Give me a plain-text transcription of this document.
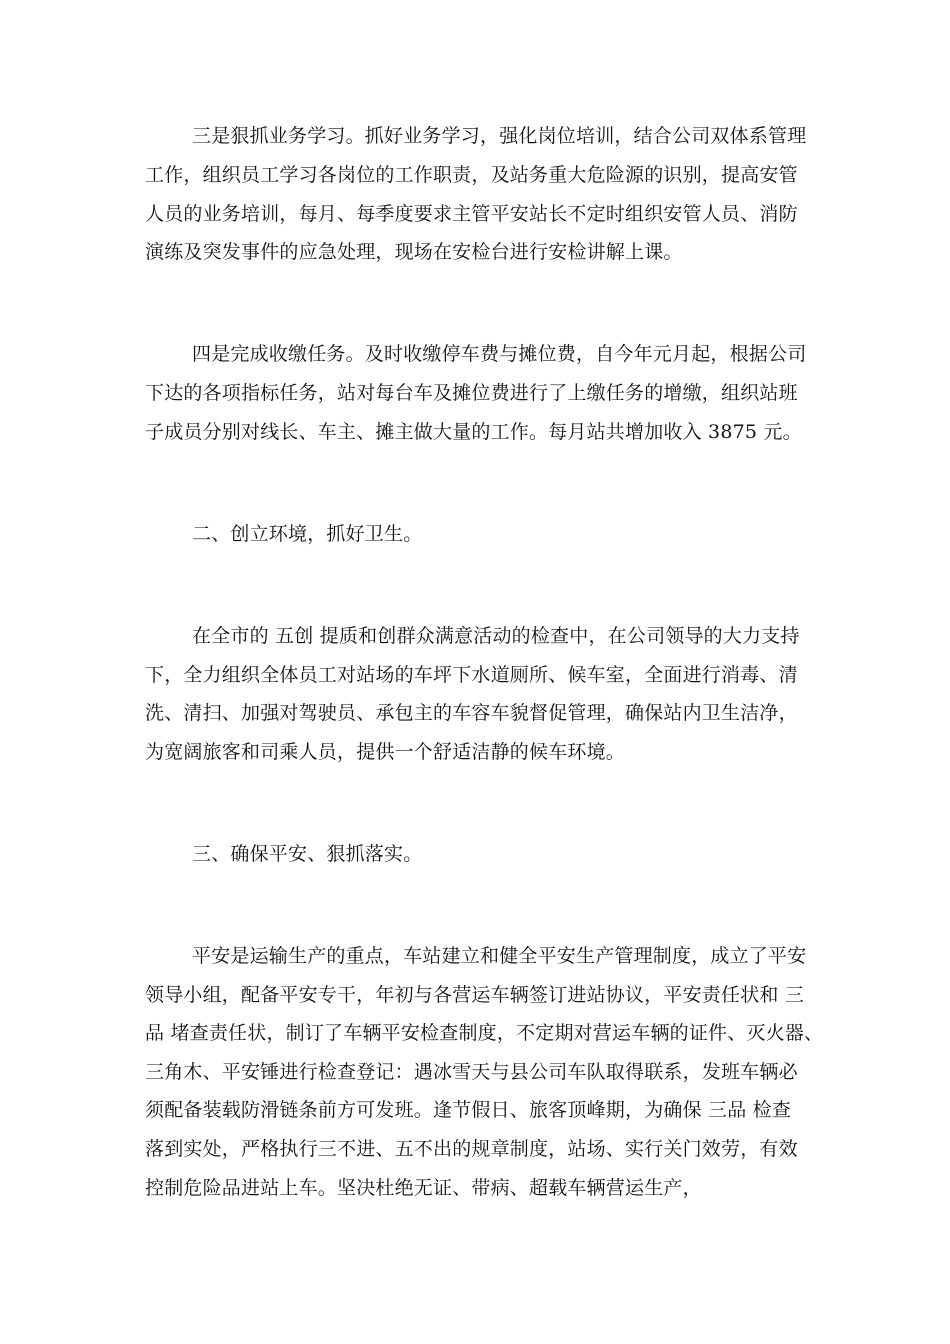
三是狠抓业务学习。抓好业务学习，强化岗位培训，结合公司双体系管理
工作，组织员工学习各岗位的工作职责，及站务重大危险源的识别，提高安管
人员的业务培训，每月、每季度要求主管平安站长不定时组织安管人员、消防
演练及突发事件的应急处理，现场在安检台进行安检讲解上课。
四是完成收缴任务。及时收缴停车费与摊位费，自今年元月起，根据公司
下达的各项指标任务，站对每台车及摊位费进行了上缴任务的增缴，组织站班
子成员分别对线长、车主、摊主做大量的工作。每月站共增加收入 3875 元。
二、创立环境，抓好卫生。
在全市的 五创 提质和创群众满意活动的检查中，在公司领导的大力支持
下，全力组织全体员工对站场的车坪下水道厕所、候车室，全面进行消毒、清
洗、清扫、加强对驾驶员、承包主的车容车貌督促管理，确保站内卫生洁净，
为宽阔旅客和司乘人员，提供一个舒适洁静的候车环境。
三、确保平安、狠抓落实。
平安是运输生产的重点，车站建立和健全平安生产管理制度，成立了平安
领导小组，配备平安专干，年初与各营运车辆签订进站协议，平安责任状和 三
品 堵查责任状，制订了车辆平安检查制度，不定期对营运车辆的证件、灭火器、
三角木、平安锤进行检查登记：遇冰雪天与县公司车队取得联系，发班车辆必
须配备装载防滑链条前方可发班。逢节假日、旅客顶峰期，为确保 三品 检查
落到实处，严格执行三不进、五不出的规章制度，站场、实行关门效劳，有效
控制危险品进站上车。坚决杜绝无证、带病、超载车辆营运生产，
